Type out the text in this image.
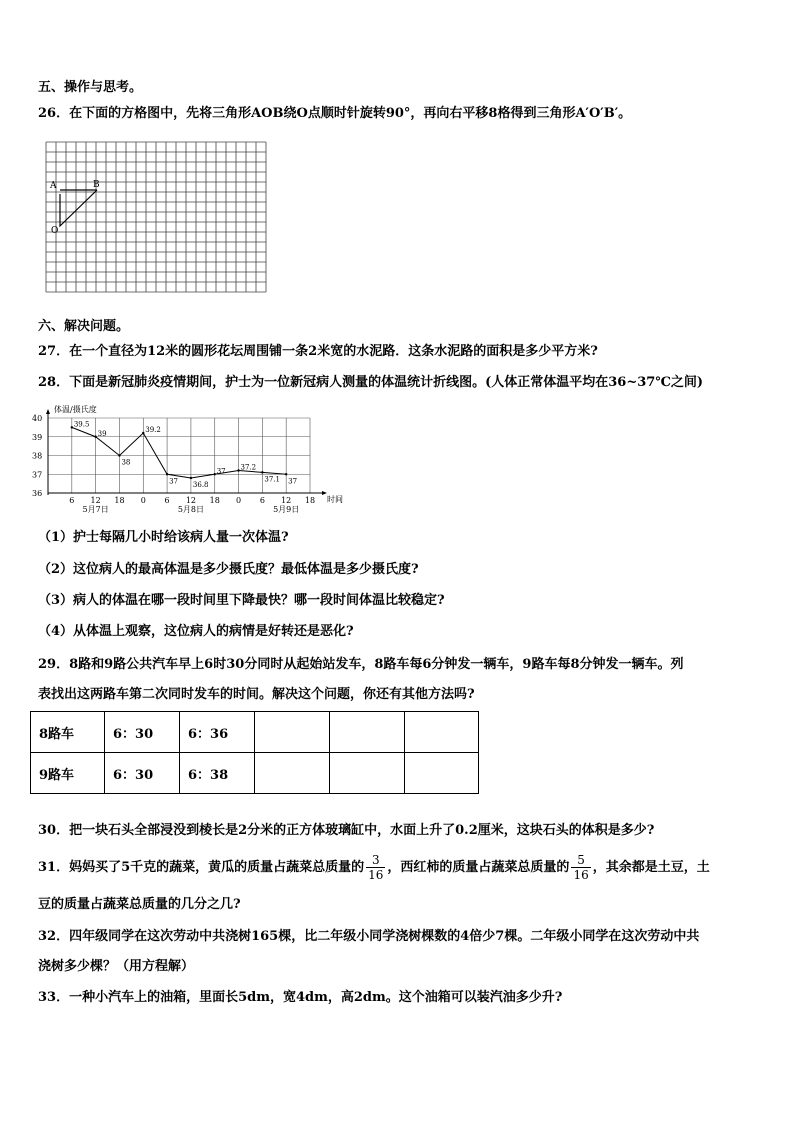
五、操作与思考。
26．在下面的方格图中，先将三角形AOB绕O点顺时针旋转90°，再向右平移8格得到三角形A′O′B′。
A	B
O
六、解决问题。
27．在一个直径为12米的圆形花坛周围铺一条2米宽的水泥路．这条水泥路的面积是多少平方米?
28．下面是新冠肺炎疫情期间，护士为一位新冠病人测量的体温统计折线图。(人体正常体温平均在36~37℃之间)
体温/摄氏度
36
37
38
39
40
6 12 18 0 6 12 18 0 6 12 18
39.5
39
38
39.2
37 36.8
37 37.2
37.1 37
5月7日	5月8日	5月9日
时间
（1）护士每隔几小时给该病人量一次体温?
（2）这位病人的最高体温是多少摄氏度？最低体温是多少摄氏度?
（3）病人的体温在哪一段时间里下降最快？哪一段时间体温比较稳定?
（4）从体温上观察，这位病人的病情是好转还是恶化?
29．8路和9路公共汽车早上6时30分同时从起始站发车，8路车每6分钟发一辆车，9路车每8分钟发一辆车。列
表找出这两路车第二次同时发车的时间。解决这个问题，你还有其他方法吗?
8路车	6：30	6：36			
9路车	6：30	6：38			
30．把一块石头全部浸没到棱长是2分米的正方体玻璃缸中，水面上升了0.2厘米，这块石头的体积是多少?
31．妈妈买了5千克的蔬菜，黄瓜的质量占蔬菜总质量的 $\frac{3}{16}$ ，西红柿的质量占蔬菜总质量的 $\frac{5}{16}$ ，其余都是土豆，土
豆的质量占蔬菜总质量的几分之几?
32．四年级同学在这次劳动中共浇树165棵，比二年级小同学浇树棵数的4倍少7棵。二年级小同学在这次劳动中共
浇树多少棵？（用方程解）
33．一种小汽车上的油箱，里面长5dm，宽4dm，高2dm。这个油箱可以装汽油多少升?
